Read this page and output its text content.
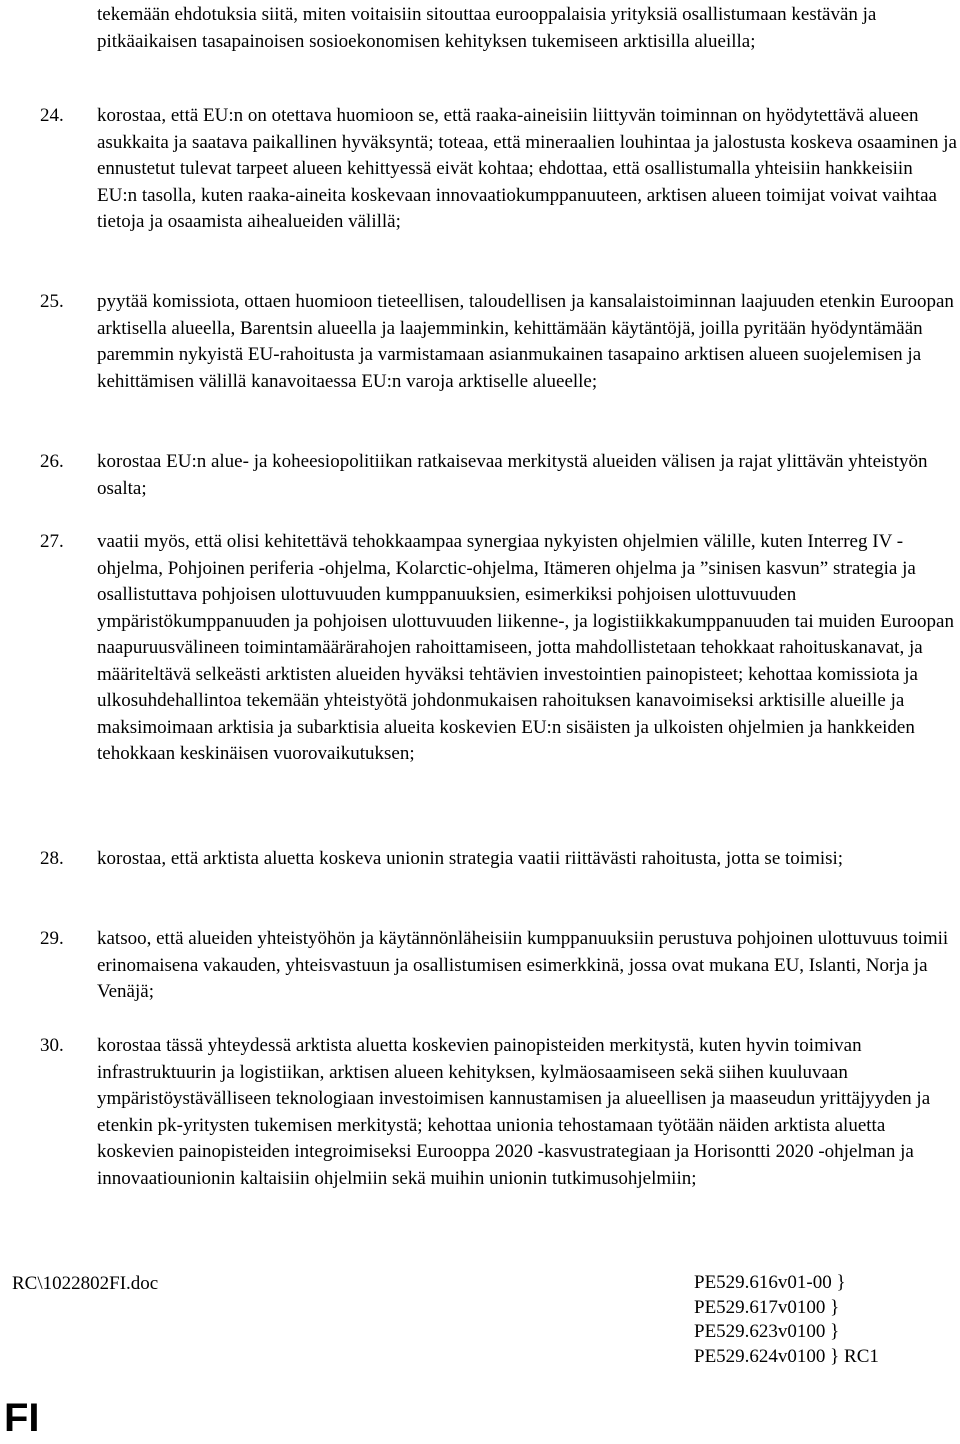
tekemään ehdotuksia siitä, miten voitaisiin sitouttaa eurooppalaisia yrityksiä osallistumaan kestävän ja pitkäaikaisen tasapainoisen sosioekonomisen kehityksen tukemiseen arktisilla alueilla;
24. korostaa, että EU:n on otettava huomioon se, että raaka-aineisiin liittyvän toiminnan on hyödytettävä alueen asukkaita ja saatava paikallinen hyväksyntä; toteaa, että mineraalien louhintaa ja jalostusta koskeva osaaminen ja ennustetut tulevat tarpeet alueen kehittyessä eivät kohtaa; ehdottaa, että osallistumalla yhteisiin hankkeisiin EU:n tasolla, kuten raaka-aineita koskevaan innovaatiokumppanuuteen, arktisen alueen toimijat voivat vaihtaa tietoja ja osaamista aihealueiden välillä;
25. pyytää komissiota, ottaen huomioon tieteellisen, taloudellisen ja kansalaistoiminnan laajuuden etenkin Euroopan arktisella alueella, Barentsin alueella ja laajemminkin, kehittämään käytäntöjä, joilla pyritään hyödyntämään paremmin nykyistä EU-rahoitusta ja varmistamaan asianmukainen tasapaino arktisen alueen suojelemisen ja kehittämisen välillä kanavoitaessa EU:n varoja arktiselle alueelle;
26. korostaa EU:n alue- ja koheesiopolitiikan ratkaisevaa merkitystä alueiden välisen ja rajat ylittävän yhteistyön osalta;
27. vaatii myös, että olisi kehitettävä tehokkaampaa synergiaa nykyisten ohjelmien välille, kuten Interreg IV -ohjelma, Pohjoinen periferia -ohjelma, Kolarctic-ohjelma, Itämeren ohjelma ja ”sinisen kasvun” strategia ja osallistuttava pohjoisen ulottuvuuden kumppanuuksien, esimerkiksi pohjoisen ulottuvuuden ympäristökumppanuuden ja pohjoisen ulottuvuuden liikenne-, ja logistiikkakumppanuuden tai muiden Euroopan naapuruusvälineen toimintamäärärahojen rahoittamiseen, jotta mahdollistetaan tehokkaat rahoituskanavat, ja määriteltävä selkeästi arktisten alueiden hyväksi tehtävien investointien painopisteet; kehottaa komissiota ja ulkosuhdehallintoa tekemään yhteistyötä johdonmukaisen rahoituksen kanavoimiseksi arktisille alueille ja maksimoimaan arktisia ja subarktisia alueita koskevien EU:n sisäisten ja ulkoisten ohjelmien ja hankkeiden tehokkaan keskinäisen vuorovaikutuksen;
28. korostaa, että arktista aluetta koskeva unionin strategia vaatii riittävästi rahoitusta, jotta se toimisi;
29. katsoo, että alueiden yhteistyöhön ja käytännönläheisiin kumppanuuksiin perustuva pohjoinen ulottuvuus toimii erinomaisena vakauden, yhteisvastuun ja osallistumisen esimerkkinä, jossa ovat mukana EU, Islanti, Norja ja Venäjä;
30. korostaa tässä yhteydessä arktista aluetta koskevien painopisteiden merkitystä, kuten hyvin toimivan infrastruktuurin ja logistiikan, arktisen alueen kehityksen, kylmäosaamiseen sekä siihen kuuluvaan ympäristöystävälliseen teknologiaan investoimisen kannustamisen ja alueellisen ja maaseudun yrittäjyyden ja etenkin pk-yritysten tukemisen merkitystä; kehottaa unionia tehostamaan työtään näiden arktista aluetta koskevien painopisteiden integroimiseksi Eurooppa 2020 -kasvustrategiaan ja Horisontti 2020 -ohjelman ja innovaatiounionin kaltaisiin ohjelmiin sekä muihin unionin tutkimusohjelmiin;
RC\1022802FI.doc	PE529.616v01-00 }
PE529.617v0100 }
PE529.623v0100 }
PE529.624v0100 } RC1
FI
